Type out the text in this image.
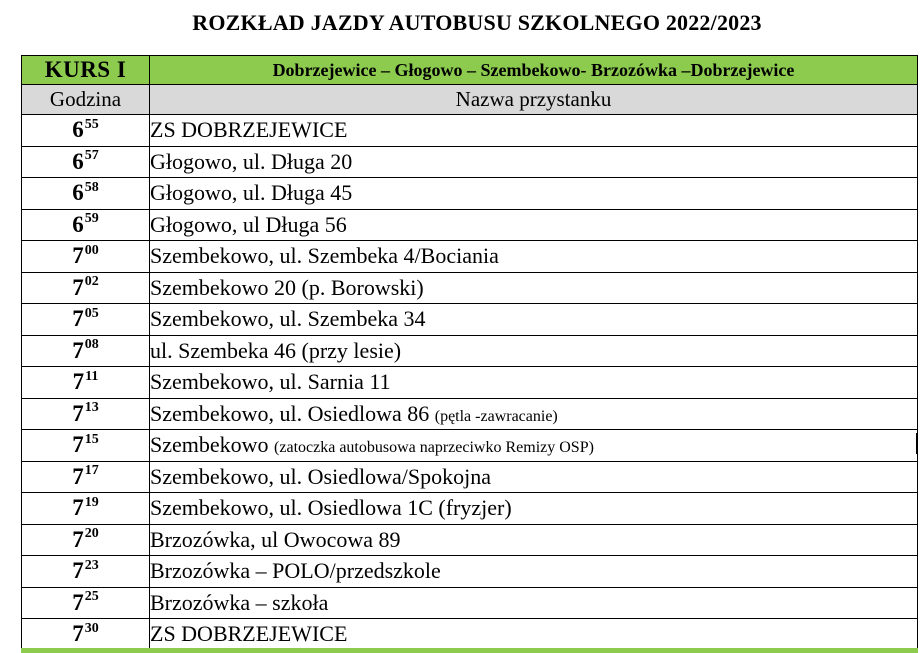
ROZKŁAD JAZDY AUTOBUSU SZKOLNEGO 2022/2023
KURS I	Dobrzejewice – Głogowo – Szembekowo- Brzozówka –Dobrzejewice
Godzina	Nazwa przystanku
$6^{55}$	ZS DOBRZEJEWICE
$6^{57}$	Głogowo, ul. Długa 20
$6^{58}$	Głogowo, ul. Długa 45
$6^{59}$	Głogowo, ul Długa 56
$7^{00}$	Szembekowo, ul. Szembeka 4/Bociania
$7^{02}$	Szembekowo 20 (p. Borowski)
$7^{05}$	Szembekowo, ul. Szembeka 34
$7^{08}$	ul. Szembeka 46 (przy lesie)
$7^{11}$	Szembekowo, ul. Sarnia 11
$7^{13}$	Szembekowo, ul. Osiedlowa 86 (pętla -zawracanie)
$7^{15}$	Szembekowo (zatoczka autobusowa naprzeciwko Remizy OSP)
$7^{17}$	Szembekowo, ul. Osiedlowa/Spokojna
$7^{19}$	Szembekowo, ul. Osiedlowa 1C (fryzjer)
$7^{20}$	Brzozówka, ul Owocowa 89
$7^{23}$	Brzozówka – POLO/przedszkole
$7^{25}$	Brzozówka – szkoła
$7^{30}$	ZS DOBRZEJEWICE
